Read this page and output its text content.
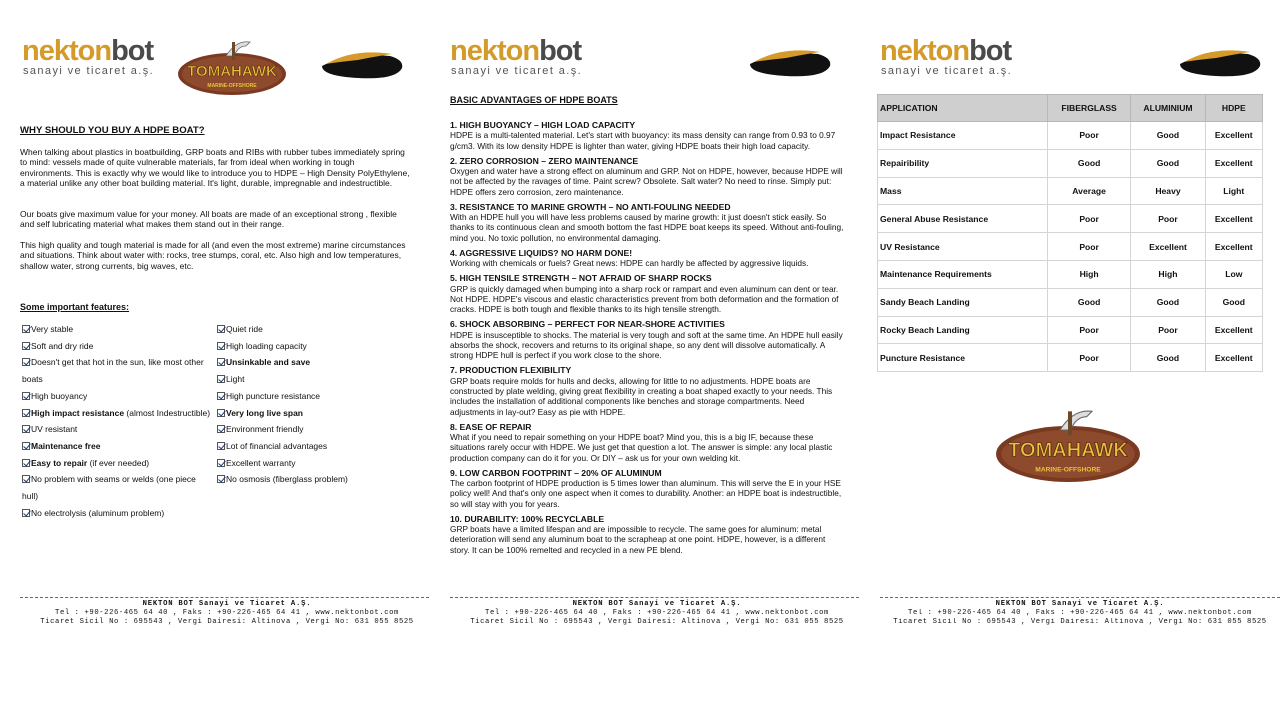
nektonbot
sanayi ve ticaret a.ş. TOMAHAWK
MARINE-OFFSHORE
WHY SHOULD YOU BUY A HDPE BOAT?
When talking about plastics in boatbuilding, GRP boats and RIBs with rubber tubes immediately spring to mind: vessels made of quite vulnerable materials, far from ideal when working in tough environments. This is exactly why we would like to introduce you to HDPE – High Density PolyEthylene, a material unlike any other boat building material. It's light, durable, impregnable and indestructible.
Our boats give maximum value for your money. All boats are made of an exceptional strong , flexible and self lubricating material what makes them stand out in their range.
This high quality and tough material is made for all (and even the most extreme) marine circumstances and situations. Think about water with: rocks, tree stumps, coral, etc. Also high and low temperatures, shallow water, strong currents, big waves, etc.
Some important features:
Very stable
Soft and dry ride
Doesn't get that hot in the sun, like most other boats
High buoyancy
High impact resistance (almost Indestructible)
UV resistant
Maintenance free
Easy to repair (if ever needed)
No problem with seams or welds (one piece hull)
No electrolysis (aluminum problem)
Quiet ride
High loading capacity
Unsinkable and save
Light
High puncture resistance
Very long live span
Environment friendly
Lot of financial advantages
Excellent warranty
No osmosis (fiberglass problem)
NEKTON BOT Sanayi ve Ticaret A.Ş.
Tel : +90-226-465 64 40 , Faks : +90-226-465 64 41 , www.nektonbot.com
Ticaret Sicil No : 695543 , Vergi Dairesi: Altinova , Vergi No: 631 055 8525
nektonbot
sanayi ve ticaret a.ş.
BASIC ADVANTAGES OF HDPE BOATS
1. HIGH BUOYANCY – HIGH LOAD CAPACITY
HDPE is a multi-talented material. Let's start with buoyancy: its mass density can range from 0.93 to 0.97 g/cm3. With its low density HDPE is lighter than water, giving HDPE boats their high load capacity.
2. ZERO CORROSION – ZERO MAINTENANCE
Oxygen and water have a strong effect on aluminum and GRP. Not on HDPE, however, because HDPE will not be affected by the ravages of time. Paint screw? Obsolete. Salt water? No need to rinse. Simply put: HDPE offers zero corrosion, zero maintenance.
3. RESISTANCE TO MARINE GROWTH – NO ANTI-FOULING NEEDED
With an HDPE hull you will have less problems caused by marine growth: it just doesn't stick easily. So thanks to its continuous clean and smooth bottom the fast HDPE boat keeps its speed. Without anti-fouling, mind you. No toxic pollution, no environmental damaging.
4. AGGRESSIVE LIQUIDS? NO HARM DONE!
Working with chemicals or fuels? Great news: HDPE can hardly be affected by aggressive liquids.
5. HIGH TENSILE STRENGTH – NOT AFRAID OF SHARP ROCKS
GRP is quickly damaged when bumping into a sharp rock or rampart and even aluminum can dent or tear. Not HDPE. HDPE's viscous and elastic characteristics prevent from both deformation and the formation of cracks. HDPE is both tough and flexible thanks to its high tensile strength.
6. SHOCK ABSORBING – PERFECT FOR NEAR-SHORE ACTIVITIES
HDPE is insusceptible to shocks. The material is very tough and soft at the same time. An HDPE hull easily absorbs the shock, recovers and returns to its original shape, so any dent will dissolve automatically. A strong HDPE hull is perfect if you work close to the shore.
7. PRODUCTION FLEXIBILITY
GRP boats require molds for hulls and decks, allowing for little to no adjustments. HDPE boats are constructed by plate welding, giving great flexibility in creating a boat shaped exactly to your needs. This includes the installation of additional components like benches and storage compartments. Need adjustments in lay-out? Easy as pie with HDPE.
8. EASE OF REPAIR
What if you need to repair something on your HDPE boat? Mind you, this is a big IF, because these situations rarely occur with HDPE. We just get that question a lot. The answer is simple: any local plastic production company can do it for you. Or DIY – ask us for your own welding kit.
9. LOW CARBON FOOTPRINT – 20% OF ALUMINUM
The carbon footprint of HDPE production is 5 times lower than aluminum. This will serve the E in your HSE policy well! And that's only one aspect when it comes to durability. Another: an HDPE boat is indestructible, so will stay with you for years.
10. DURABILITY: 100% RECYCLABLE
GRP boats have a limited lifespan and are impossible to recycle. The same goes for aluminum: metal deterioration will send any aluminum boat to the scrapheap at one point. HDPE, however, is a different story. It can be 100% remelted and recycled in a new PE blend.
NEKTON BOT Sanayi ve Ticaret A.Ş.
Tel : +90-226-465 64 40 , Faks : +90-226-465 64 41 , www.nektonbot.com
Ticaret Sicil No : 695543 , Vergi Dairesi: Altinova , Vergi No: 631 055 8525
nektonbot
sanayi ve ticaret a.ş.
APPLICATION	FIBERGLASS	ALUMINIUM	HDPE
Impact Resistance	Poor	Good	Excellent
Repairibility	Good	Good	Excellent
Mass	Average	Heavy	Light
General Abuse Resistance	Poor	Poor	Excellent
UV Resistance	Poor	Excellent	Excellent
Maintenance Requirements	High	High	Low
Sandy Beach Landing	Good	Good	Good
Rocky Beach Landing	Poor	Poor	Excellent
Puncture Resistance	Poor	Good	Excellent
TOMAHAWK
MARINE-OFFSHORE
NEKTON BOT Sanayi ve Ticaret A.Ş.
Tel : +90-226-465 64 40 , Faks : +90-226-465 64 41 , www.nektonbot.com
Ticaret Sicil No : 695543 , Vergi Dairesi: Altinova , Vergi No: 631 055 8525
